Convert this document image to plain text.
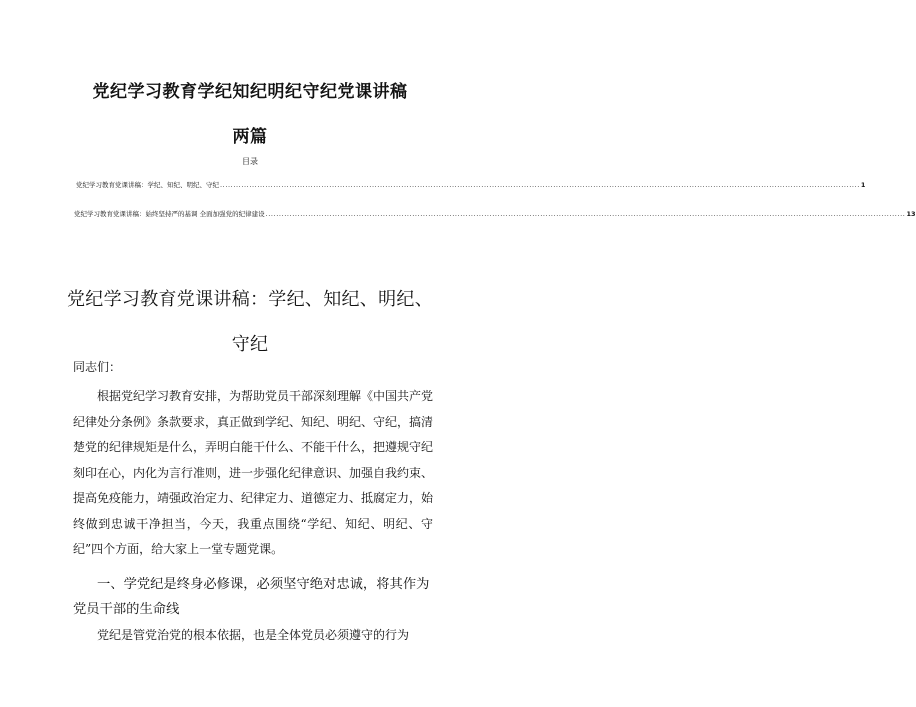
党纪学习教育学纪知纪明纪守纪党课讲稿
两篇
目录
党纪学习教育党课讲稿：学纪、知纪、明纪、守纪 ................................................................................................................................................................................................................................................ 1
党纪学习教育党课讲稿：始终坚持严的基调 全面加强党的纪律建设 ................................................................................................................................................................................................................................................ 13
党纪学习教育党课讲稿：学纪、知纪、明纪、
守纪
同志们：

根据党纪学习教育安排，为帮助党员干部深刻理解《中国共产党纪律处分条例》条款要求，真正做到学纪、知纪、明纪、守纪，搞清楚党的纪律规矩是什么，弄明白能干什么、不能干什么，把遵规守纪刻印在心，内化为言行准则，进一步强化纪律意识、加强自我约束、提高免疫能力，靖强政治定力、纪律定力、道德定力、抵腐定力，始终做到忠诚干净担当，今天，我重点围绕“学纪、知纪、明纪、守纪”四个方面，给大家上一堂专题党课。

一、学党纪是终身必修课，必须坚守绝对忠诚，将其作为党员干部的生命线

党纪是管党治党的根本依据，也是全体党员必须遵守的行为
